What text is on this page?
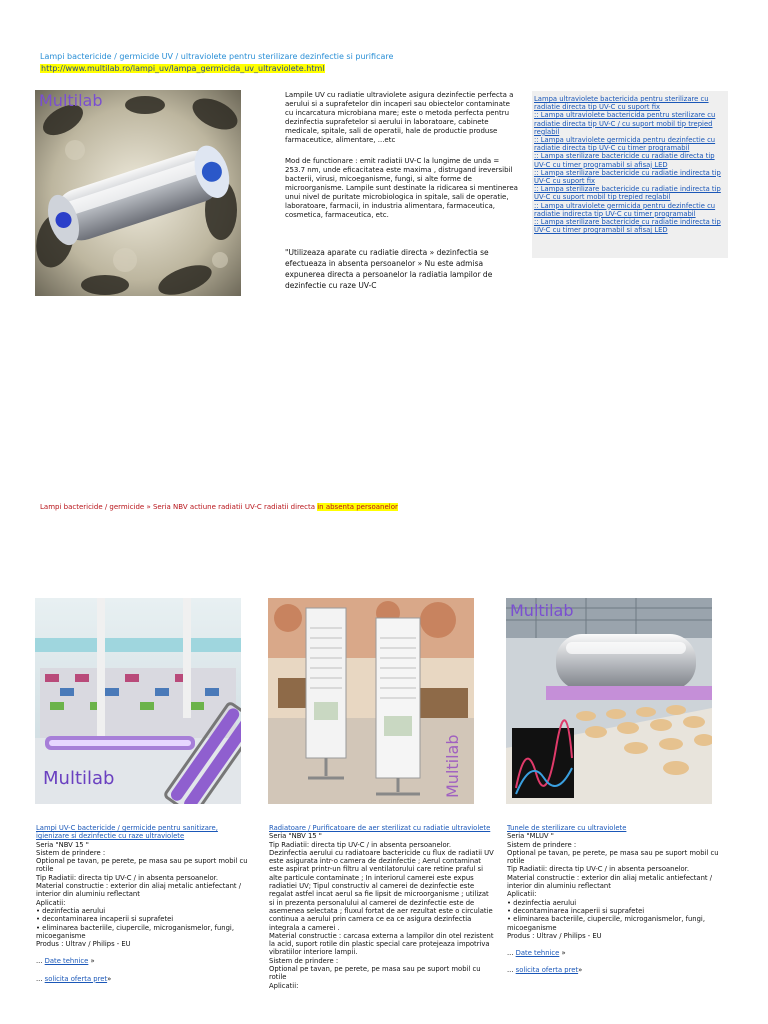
Lampi bactericide / germicide UV / ultraviolete pentru sterilizare dezinfectie si purificare
http://www.multilab.ro/lampi_uv/lampa_germicida_uv_ultraviolete.html
Multilab	Lampile UV cu radiatie ultraviolete asigura dezinfectie perfecta a aerului si a suprafetelor din incaperi sau obiectelor contaminate cu incarcatura microbiana mare; este o metoda perfecta pentru dezinfectia suprafetelor si aerului in laboratoare, cabinete medicale, spitale, sali de operatii, hale de productie produse farmaceutice, alimentare, ...etc
Mod de functionare : emit radiatii UV-C la lungime de unda = 253.7 nm, unde eficacitatea este maxima , distrugand ireversibil bacterii, virusi, micoeganisme, fungi, si alte forme de microorganisme. Lampile sunt destinate la ridicarea si mentinerea unui nivel de puritate microbiologica in spitale, sali de operatie, laboratoare, farmacii, in industria alimentara, farmaceutica, cosmetica, farmaceutica, etc.
"Utilizeaza aparate cu radiatie directa » dezinfectia se efectueaza in absenta persoanelor » Nu este admisa expunerea directa a persoanelor la radiatia lampilor de dezinfectie cu raze UV-C
Lampa ultraviolete bactericida pentru sterilizare cu radiatie directa tip UV-C cu suport fix
:: Lampa ultraviolete bactericida pentru sterilizare cu radiatie directa tip UV-C / cu suport mobil tip trepied reglabil
:: Lampa ultraviolete germicida pentru dezinfectie cu radiatie directa tip UV-C cu timer programabil
:: Lampa sterilizare bactericide cu radiatie directa tip UV-C cu timer programabil si afisaj LED
:: Lampa sterilizare bactericide cu radiatie indirecta tip UV-C cu suport fix
:: Lampa sterilizare bactericide cu radiatie indirecta tip UV-C cu suport mobil tip trepied reglabil
:: Lampa ultraviolete germicida pentru dezinfectie cu radiatie indirecta tip UV-C cu timer programabil
:: Lampa sterilizare bactericide cu radiatie indirecta tip UV-C cu timer programabil si afisaj LED
Lampi bactericide / germicide » Seria NBV actiune radiatii UV-C radiatii directa in absenta persoanelor
Multilab	Multilab
Multilab
Lampi UV-C bactericide / germicide pentru sanitizare, igienizare si dezinfectie cu raze ultraviolete
Seria "NBV 15 "
Sistem de prindere :
Optional pe tavan, pe perete, pe masa sau pe suport mobil cu rotile
Tip Radiatii: directa tip UV-C / in absenta persoanelor.
Material constructie : exterior din aliaj metalic antiefectant / interior din aluminiu reflectant
Aplicatii:
• dezinfectia aerului
• decontaminarea incaperii si suprafetei
• eliminarea bacteriile, ciupercile, microganismelor, fungi, micoeganisme
Produs : Ultrav / Philips - EU
... Date tehnice »
... solicita oferta pret»
Radiatoare / Purificatoare de aer sterilizat cu radiatie ultraviolete
Seria "NBV 15 "
Tip Radiatii: directa tip UV-C / in absenta persoanelor.
Dezinfectia aerului cu radiatoare bactericide cu flux de radiatii UV este asigurata intr-o camera de dezinfectie ; Aerul contaminat este aspirat printr-un filtru al ventilatorului care retine praful si alte particule contaminate ; In interiorul camerei este expus radiatiei UV; Tipul constructiv al camerei de dezinfectie este regalat astfel incat aerul sa fie lipsit de microorganisme ; utilizat si in prezenta personalului al camerei de dezinfectie este de asemenea selectata ; fluxul fortat de aer rezultat este o circulatie continua a aerului prin camera ce ea ce asigura dezinfectia integrala a camerei .
Material constructie : carcasa externa a lampilor din otel rezistent la acid, suport rotile din plastic special care protejeaza impotriva vibratiilor interiore lampii.
Sistem de prindere :
Optional pe tavan, pe perete, pe masa sau pe suport mobil cu rotile
Aplicatii:
Tunele de sterilizare cu ultraviolete
Seria "MLUV "
Sistem de prindere :
Optional pe tavan, pe perete, pe masa sau pe suport mobil cu rotile
Tip Radiatii: directa tip UV-C / in absenta persoanelor.
Material constructie : exterior din aliaj metalic antiefectant / interior din aluminiu reflectant
Aplicatii:
• dezinfectia aerului
• decontaminarea incaperii si suprafetei
• eliminarea bacteriile, ciupercile, microganismelor, fungi, micoeganisme
Produs : Ultrav / Philips - EU
... Date tehnice »
... solicita oferta pret»
